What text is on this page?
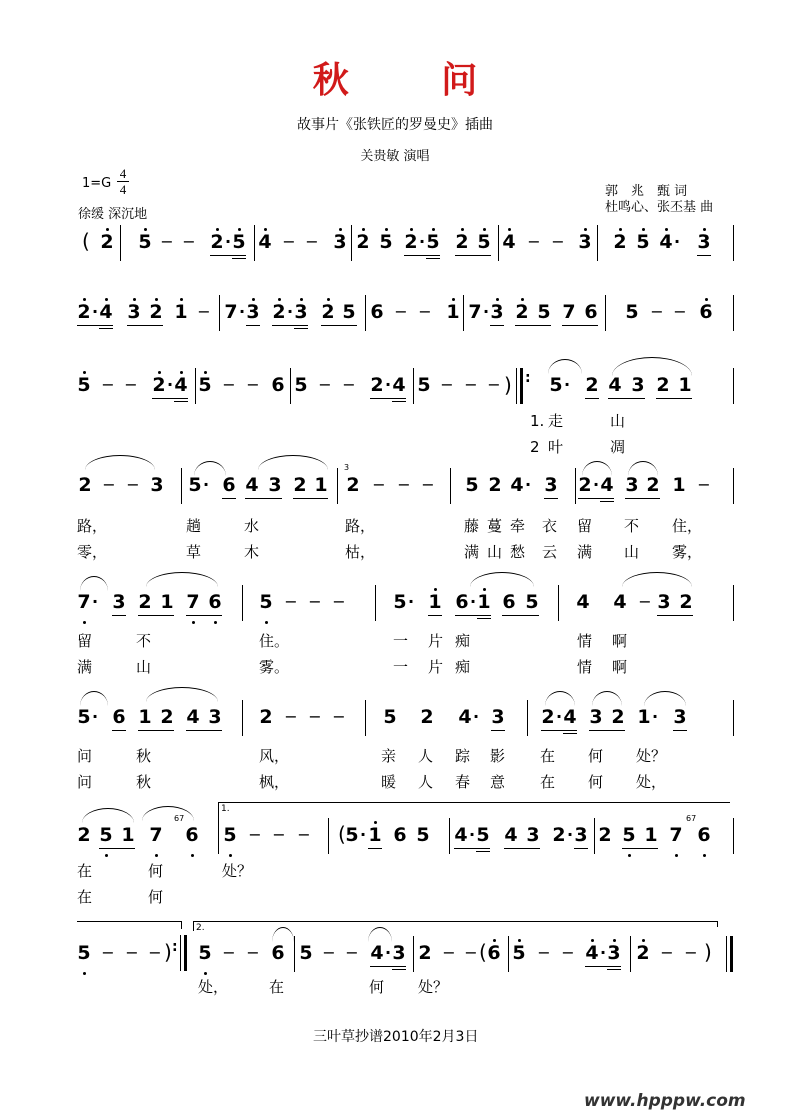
秋 问
故事片《张铁匠的罗曼史》插曲
关贵敏 演唱
1=G
4
4
徐缓 深沉地
郭　兆　甄 词
杜鸣心、张丕基 曲
( 2 5 − − 2 · 5 4 − − 3 2 5 2 · 5 2 5 4 − − 3 2 5 4 · 3
2 · 4 3 2 1 − 7 · 3 2 · 3 2 5 6 − − 1 7 · 3 2 5 7 6 5 − − 6
5 − − 2 · 4 5 − − 6 5 − − 2 · 4 5 − − − ) : 5 · 2 4 3 2 1
1. 走	山
2 叶	凋
2 − − 3 5 · 6 4 3 2 1
3
2 − − − 5 2 4 · 3 2 · 4 3 2 1 −
路，	趟	水	路，	藤 蔓 牵 衣 留 不 住，
零，	草	木	枯，	满 山 愁 云 满 山 雾，
7 · 3 2 1 7 6 5 − − −	5 · 1 6 · 1 6 5 4 4 − 3 2
留	不	住。	一 片 痴	情 啊
满	山	雾。	一 片 痴	情 啊
5 · 6 1 2 4 3 2 − − − 5 2 4 · 3 2 · 4 3 2 1 · 3
问	秋	风，	亲 人 踪 影 在 何 处？
问	秋	枫，	暖 人 春 意 在 何 处，
1.
2 5 1 7
67
6 5 − − − ( 5 · 1 6 5 4 · 5 4 3 2 · 3 2 5 1 7
67
6
在	何	处？
在	何
2.
5 − − − ) : 5 − − 6 5 − − 4 · 3 2 − − ( 6 5 − − 4 · 3 2 − − )
处，	在	何 处？
三叶草抄谱2010年2月3日
www.hpppw.com
